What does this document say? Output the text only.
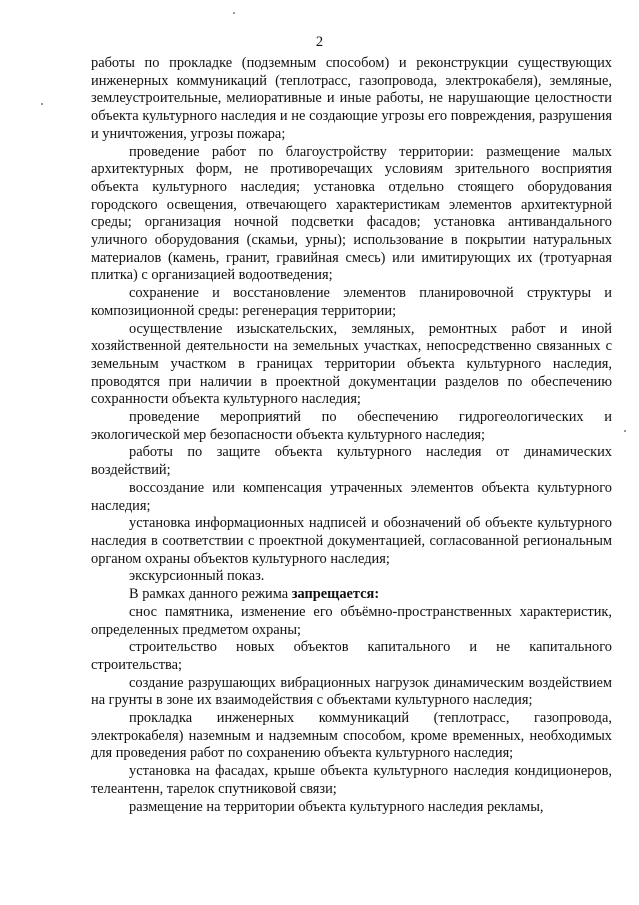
2

работы по прокладке (подземным способом) и реконструкции существующих инженерных коммуникаций (теплотрасс, газопровода, электрокабеля), земляные, землеустроительные, мелиоративные и иные работы, не нарушающие целостности объекта культурного наследия и не создающие угрозы его повреждения, разрушения и уничтожения, угрозы пожара;

проведение работ по благоустройству территории: размещение малых архитектурных форм, не противоречащих условиям зрительного восприятия объекта культурного наследия; установка отдельно стоящего оборудования городского освещения, отвечающего характеристикам элементов архитектурной среды; организация ночной подсветки фасадов; установка антивандального уличного оборудования (скамьи, урны); использование в покрытии натуральных материалов (камень, гранит, гравийная смесь) или имитирующих их (тротуарная плитка) с организацией водоотведения;

сохранение и восстановление элементов планировочной структуры и композиционной среды: регенерация территории;

осуществление изыскательских, земляных, ремонтных работ и иной хозяйственной деятельности на земельных участках, непосредственно связанных с земельным участком в границах территории объекта культурного наследия, проводятся при наличии в проектной документации разделов по обеспечению сохранности объекта культурного наследия;

проведение мероприятий по обеспечению гидрогеологических и экологической мер безопасности объекта культурного наследия;

работы по защите объекта культурного наследия от динамических воздействий;

воссоздание или компенсация утраченных элементов объекта культурного наследия;

установка информационных надписей и обозначений об объекте культурного наследия в соответствии с проектной документацией, согласованной региональным органом охраны объектов культурного наследия;

экскурсионный показ.

В рамках данного режима запрещается:

снос памятника, изменение его объёмно-пространственных характеристик, определенных предметом охраны;

строительство новых объектов капитального и не капитального строительства;

создание разрушающих вибрационных нагрузок динамическим воздействием на грунты в зоне их взаимодействия с объектами культурного наследия;

прокладка инженерных коммуникаций (теплотрасс, газопровода, электрокабеля) наземным и надземным способом, кроме временных, необходимых для проведения работ по сохранению объекта культурного наследия;

установка на фасадах, крыше объекта культурного наследия кондиционеров, телеантенн, тарелок спутниковой связи;

размещение на территории объекта культурного наследия рекламы,
